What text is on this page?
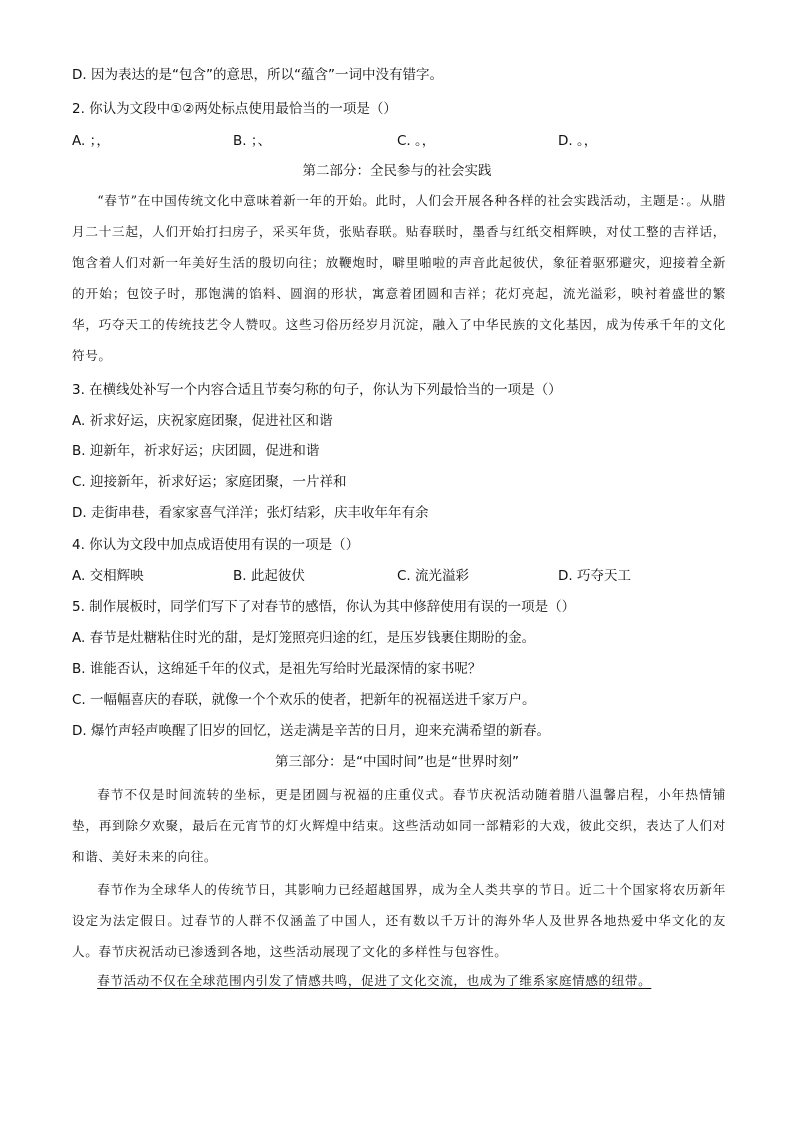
D. 因为表达的是“包含”的意思，所以“蕴含”一词中没有错字。
2. 你认为文段中①②两处标点使用最恰当的一项是（）
A. ；，	B. ；、	C. 。，	D. 。，
第二部分：全民参与的社会实践

“春节”在中国传统文化中意味着新一年的开始。此时，人们会开展各种各样的社会实践活动，主题是：。从腊月二十三起，人们开始打扫房子，采买年货，张贴春联。贴春联时，墨香与红纸交相辉映，对仗工整的吉祥话，饱含着人们对新一年美好生活的殷切向往；放鞭炮时，噼里啪啦的声音此起彼伏，象征着驱邪避灾，迎接着全新的开始；包饺子时，那饱满的馅料、圆润的形状，寓意着团圆和吉祥；花灯亮起，流光溢彩，映衬着盛世的繁华，巧夺天工的传统技艺令人赞叹。这些习俗历经岁月沉淀，融入了中华民族的文化基因，成为传承千年的文化符号。

3. 在横线处补写一个内容合适且节奏匀称的句子，你认为下列最恰当的一项是（）
A. 祈求好运，庆祝家庭团聚，促进社区和谐
B. 迎新年，祈求好运；庆团圆，促进和谐
C. 迎接新年，祈求好运；家庭团聚，一片祥和
D. 走街串巷，看家家喜气洋洋；张灯结彩，庆丰收年年有余
4. 你认为文段中加点成语使用有误的一项是（）
A. 交相辉映	B. 此起彼伏	C. 流光溢彩	D. 巧夺天工
5. 制作展板时，同学们写下了对春节的感悟，你认为其中修辞使用有误的一项是（）
A. 春节是灶糖粘住时光的甜，是灯笼照亮归途的红，是压岁钱裹住期盼的金。
B. 谁能否认，这绵延千年的仪式，是祖先写给时光最深情的家书呢？
C. 一幅幅喜庆的春联，就像一个个欢乐的使者，把新年的祝福送进千家万户。
D. 爆竹声轻声唤醒了旧岁的回忆，送走满是辛苦的日月，迎来充满希望的新春。
第三部分：是“中国时间”也是“世界时刻”

春节不仅是时间流转的坐标，更是团圆与祝福的庄重仪式。春节庆祝活动随着腊八温馨启程，小年热情铺垫，再到除夕欢聚，最后在元宵节的灯火辉煌中结束。这些活动如同一部精彩的大戏，彼此交织，表达了人们对和谐、美好未来的向往。

春节作为全球华人的传统节日，其影响力已经超越国界，成为全人类共享的节日。近二十个国家将农历新年设定为法定假日。过春节的人群不仅涵盖了中国人，还有数以千万计的海外华人及世界各地热爱中华文化的友人。春节庆祝活动已渗透到各地，这些活动展现了文化的多样性与包容性。

春节活动不仅在全球范围内引发了情感共鸣，促进了文化交流，也成为了维系家庭情感的纽带。
